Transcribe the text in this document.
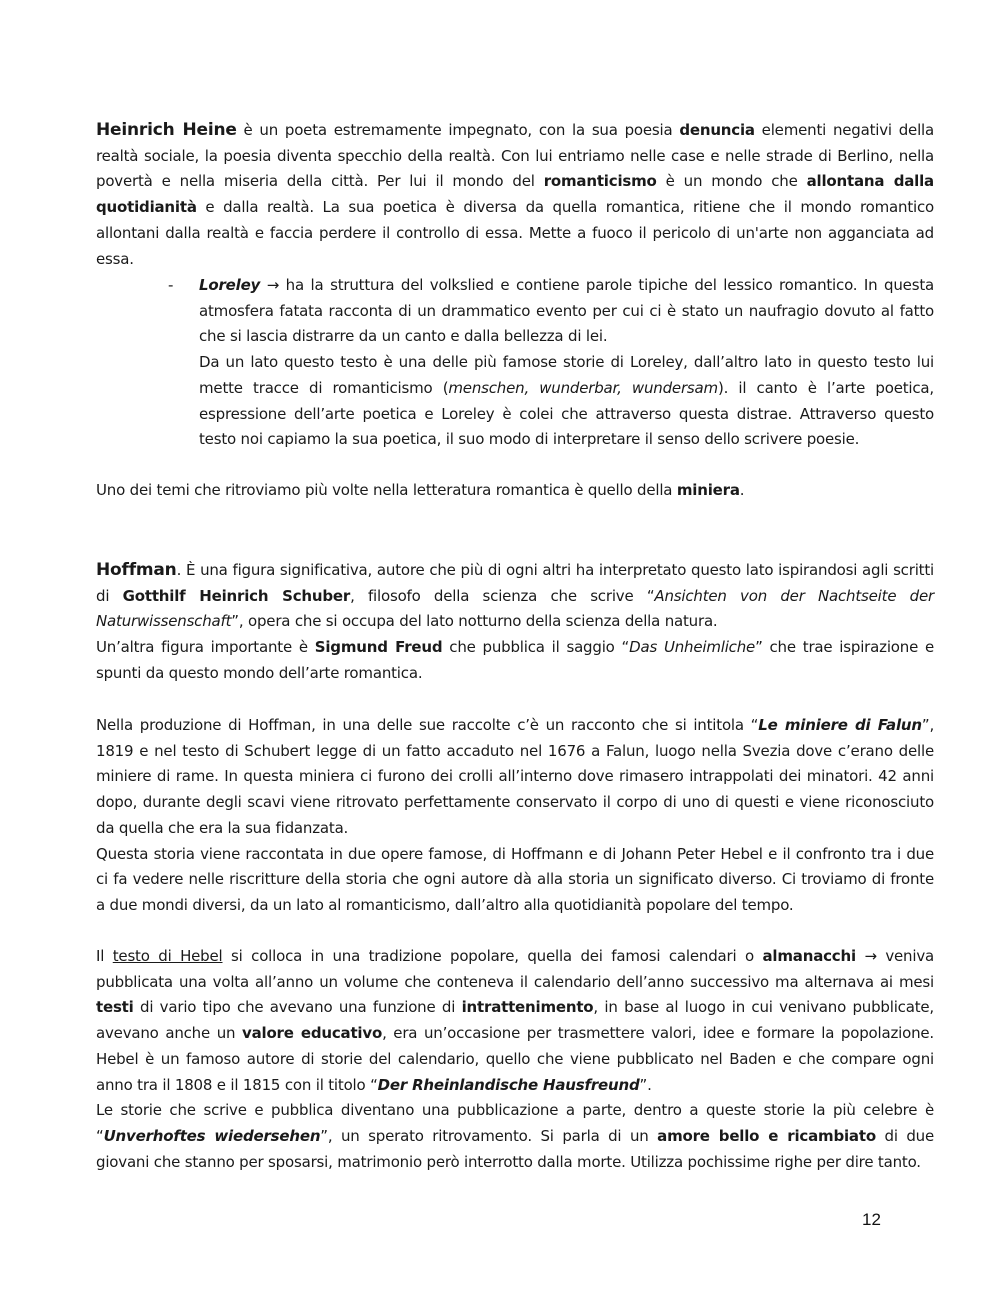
Heinrich Heine è un poeta estremamente impegnato, con la sua poesia denuncia elementi negativi della realtà sociale, la poesia diventa specchio della realtà. Con lui entriamo nelle case e nelle strade di Berlino, nella povertà e nella miseria della città. Per lui il mondo del romanticismo è un mondo che allontana dalla quotidianità e dalla realtà. La sua poetica è diversa da quella romantica, ritiene che il mondo romantico allontani dalla realtà e faccia perdere il controllo di essa. Mette a fuoco il pericolo di un'arte non agganciata ad essa.

- Loreley → ha la struttura del volkslied e contiene parole tipiche del lessico romantico. In questa atmosfera fatata racconta di un drammatico evento per cui ci è stato un naufragio dovuto al fatto che si lascia distrarre da un canto e dalla bellezza di lei.
Da un lato questo testo è una delle più famose storie di Loreley, dall’altro lato in questo testo lui mette tracce di romanticismo (menschen, wunderbar, wundersam). il canto è l’arte poetica, espressione dell’arte poetica e Loreley è colei che attraverso questa distrae. Attraverso questo testo noi capiamo la sua poetica, il suo modo di interpretare il senso dello scrivere poesie.

Uno dei temi che ritroviamo più volte nella letteratura romantica è quello della miniera.

Hoffman. È una figura significativa, autore che più di ogni altri ha interpretato questo lato ispirandosi agli scritti di Gotthilf Heinrich Schuber, filosofo della scienza che scrive “Ansichten von der Nachtseite der Naturwissenschaft”, opera che si occupa del lato notturno della scienza della natura.
Un’altra figura importante è Sigmund Freud che pubblica il saggio “Das Unheimliche” che trae ispirazione e spunti da questo mondo dell’arte romantica.

Nella produzione di Hoffman, in una delle sue raccolte c’è un racconto che si intitola “Le miniere di Falun”, 1819 e nel testo di Schubert legge di un fatto accaduto nel 1676 a Falun, luogo nella Svezia dove c’erano delle miniere di rame. In questa miniera ci furono dei crolli all’interno dove rimasero intrappolati dei minatori. 42 anni dopo, durante degli scavi viene ritrovato perfettamente conservato il corpo di uno di questi e viene riconosciuto da quella che era la sua fidanzata.
Questa storia viene raccontata in due opere famose, di Hoffmann e di Johann Peter Hebel e il confronto tra i due ci fa vedere nelle riscritture della storia che ogni autore dà alla storia un significato diverso. Ci troviamo di fronte a due mondi diversi, da un lato al romanticismo, dall’altro alla quotidianità popolare del tempo.

Il testo di Hebel si colloca in una tradizione popolare, quella dei famosi calendari o almanacchi → veniva pubblicata una volta all’anno un volume che conteneva il calendario dell’anno successivo ma alternava ai mesi testi di vario tipo che avevano una funzione di intrattenimento, in base al luogo in cui venivano pubblicate, avevano anche un valore educativo, era un’occasione per trasmettere valori, idee e formare la popolazione. Hebel è un famoso autore di storie del calendario, quello che viene pubblicato nel Baden e che compare ogni anno tra il 1808 e il 1815 con il titolo “Der Rheinlandische Hausfreund”.
Le storie che scrive e pubblica diventano una pubblicazione a parte, dentro a queste storie la più celebre è “Unverhoftes wiedersehen”, un sperato ritrovamento. Si parla di un amore bello e ricambiato di due giovani che stanno per sposarsi, matrimonio però interrotto dalla morte. Utilizza pochissime righe per dire tanto.

12
